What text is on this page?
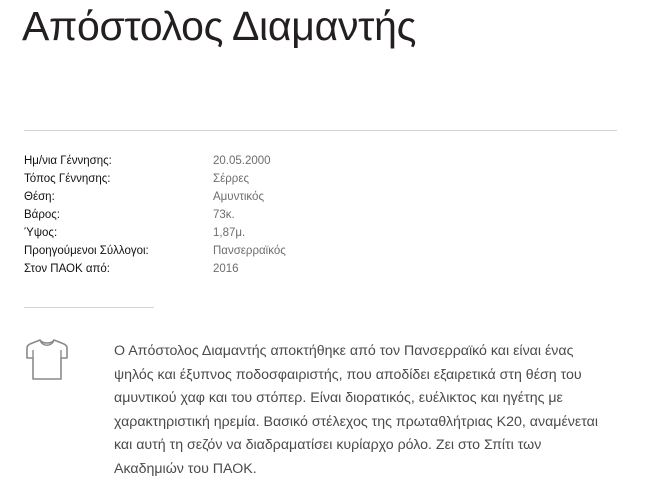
Απόστολος Διαμαντής
Ημ/νια Γέννησης:	20.05.2000
Τόπος Γέννησης:	Σέρρες
Θέση:	Αμυντικός
Βάρος:	73κ.
Ύψος:	1,87μ.
Προηγούμενοι Σύλλογοι:	Πανσερραϊκός
Στον ΠΑΟΚ από:	2016

Ο Απόστολος Διαμαντής αποκτήθηκε από τον Πανσερραϊκό και είναι ένας ψηλός και έξυπνος ποδοσφαιριστής, που αποδίδει εξαιρετικά στη θέση του αμυντικού χαφ και του στόπερ. Είναι διορατικός, ευέλικτος και ηγέτης με χαρακτηριστική ηρεμία. Βασικό στέλεχος της πρωταθλήτριας Κ20, αναμένεται και αυτή τη σεζόν να διαδραματίσει κυρίαρχο ρόλο. Ζει στο Σπίτι των Ακαδημιών του ΠΑΟΚ.
